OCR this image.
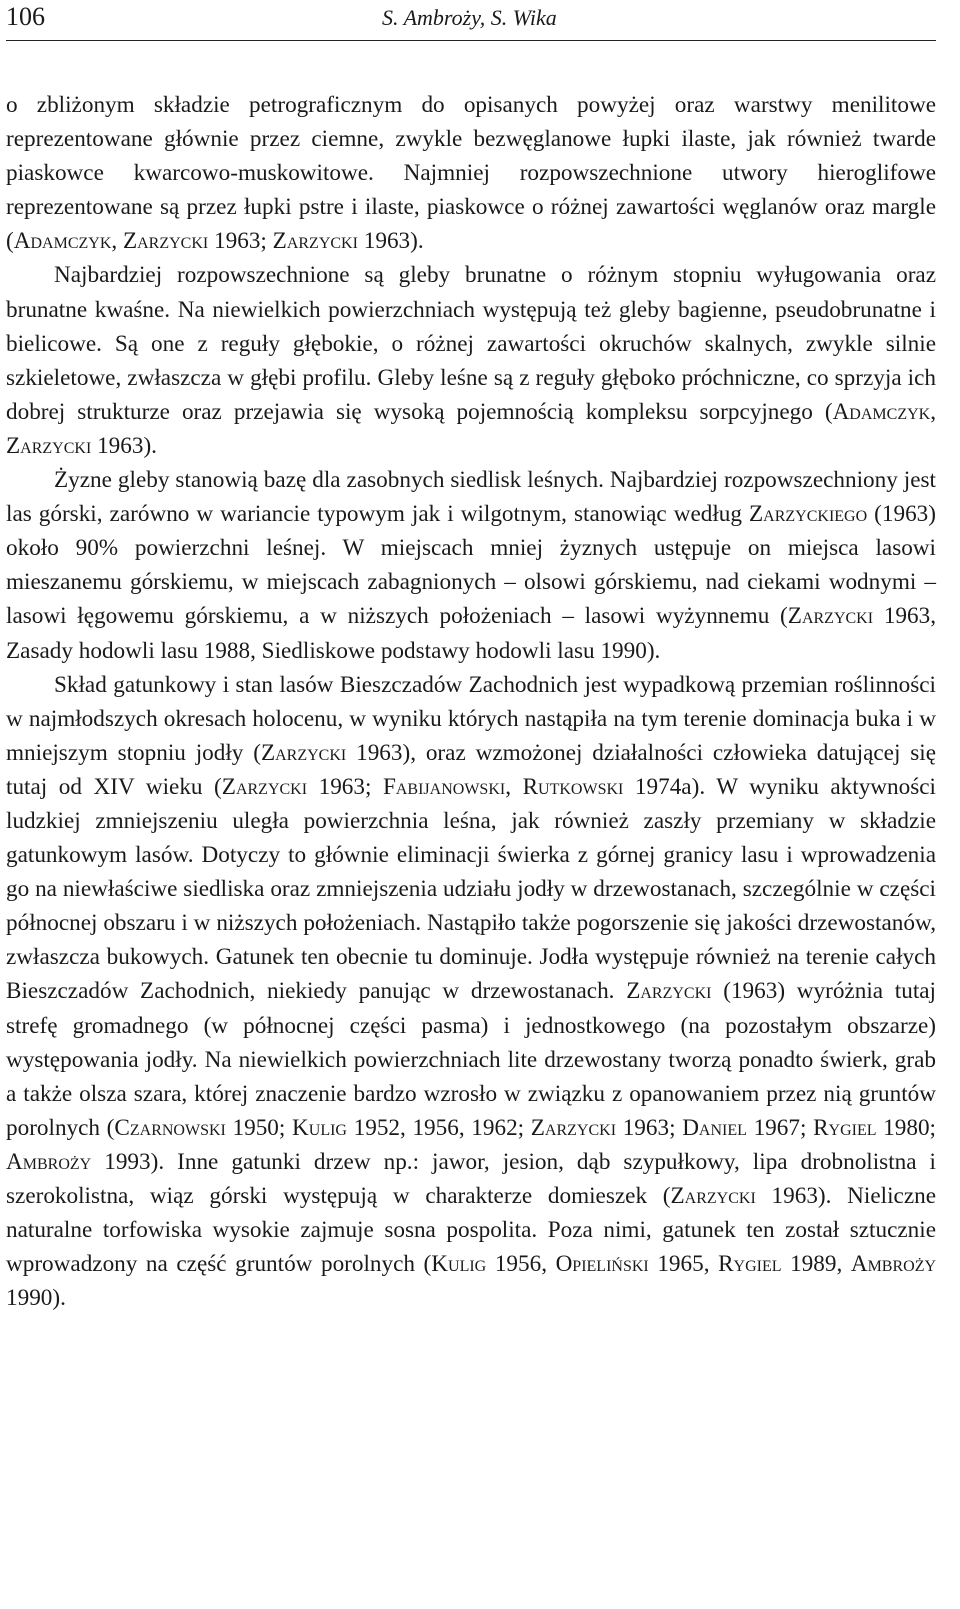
106	S. Ambroży, S. Wika

o zbliżonym składzie petrograficznym do opisanych powyżej oraz warstwy menilitowe reprezentowane głównie przez ciemne, zwykle bezwęglanowe łupki ilaste, jak również twarde piaskowce kwarcowo-muskowitowe. Najmniej rozpowszechnione utwory hieroglifowe reprezentowane są przez łupki pstre i ilaste, piaskowce o różnej zawartości węglanów oraz margle (Adamczyk, Zarzycki 1963; Zarzycki 1963).

Najbardziej rozpowszechnione są gleby brunatne o różnym stopniu wyługowania oraz brunatne kwaśne. Na niewielkich powierzchniach występują też gleby bagienne, pseudobrunatne i bielicowe. Są one z reguły głębokie, o różnej zawartości okruchów skalnych, zwykle silnie szkieletowe, zwłaszcza w głębi profilu. Gleby leśne są z reguły głęboko próchniczne, co sprzyja ich dobrej strukturze oraz przejawia się wysoką pojemnością kompleksu sorpcyjnego (Adamczyk, Zarzycki 1963).

Żyzne gleby stanowią bazę dla zasobnych siedlisk leśnych. Najbardziej rozpowszechniony jest las górski, zarówno w wariancie typowym jak i wilgotnym, stanowiąc według Zarzyckiego (1963) około 90% powierzchni leśnej. W miejscach mniej żyznych ustępuje on miejsca lasowi mieszanemu górskiemu, w miejscach zabagnionych – olsowi górskiemu, nad ciekami wodnymi – lasowi łęgowemu górskiemu, a w niższych położeniach – lasowi wyżynnemu (Zarzycki 1963, Zasady hodowli lasu 1988, Siedliskowe podstawy hodowli lasu 1990).

Skład gatunkowy i stan lasów Bieszczadów Zachodnich jest wypadkową przemian roślinności w najmłodszych okresach holocenu, w wyniku których nastąpiła na tym terenie dominacja buka i w mniejszym stopniu jodły (Zarzycki 1963), oraz wzmożonej działalności człowieka datującej się tutaj od XIV wieku (Zarzycki 1963; Fabijanowski, Rutkowski 1974a). W wyniku aktywności ludzkiej zmniejszeniu uległa powierzchnia leśna, jak również zaszły przemiany w składzie gatunkowym lasów. Dotyczy to głównie eliminacji świerka z górnej granicy lasu i wprowadzenia go na niewłaściwe siedliska oraz zmniejszenia udziału jodły w drzewostanach, szczególnie w części północnej obszaru i w niższych położeniach. Nastąpiło także pogorszenie się jakości drzewostanów, zwłaszcza bukowych. Gatunek ten obecnie tu dominuje. Jodła występuje również na terenie całych Bieszczadów Zachodnich, niekiedy panując w drzewostanach. Zarzycki (1963) wyróżnia tutaj strefę gromadnego (w północnej części pasma) i jednostkowego (na pozostałym obszarze) występowania jodły. Na niewielkich powierzchniach lite drzewostany tworzą ponadto świerk, grab a także olsza szara, której znaczenie bardzo wzrosło w związku z opanowaniem przez nią gruntów porolnych (Czarnowski 1950; Kulig 1952, 1956, 1962; Zarzycki 1963; Daniel 1967; Rygiel 1980; Ambroży 1993). Inne gatunki drzew np.: jawor, jesion, dąb szypułkowy, lipa drobnolistna i szerokolistna, wiąz górski występują w charakterze domieszek (Zarzycki 1963). Nieliczne naturalne torfowiska wysokie zajmuje sosna pospolita. Poza nimi, gatunek ten został sztucznie wprowadzony na część gruntów porolnych (Kulig 1956, Opieliński 1965, Rygiel 1989, Ambroży 1990).
